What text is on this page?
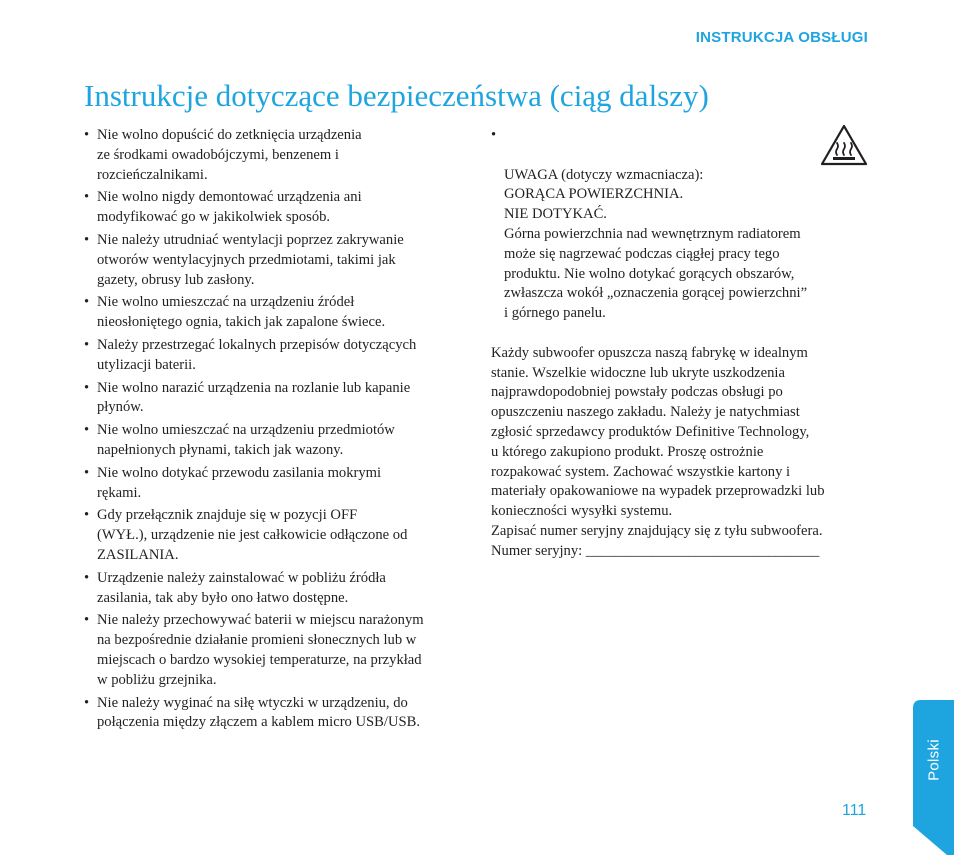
INSTRUKCJA OBSŁUGI
Instrukcje dotyczące bezpieczeństwa (ciąg dalszy)
• Nie wolno dopuścić do zetknięcia urządzenia
ze środkami owadobójczymi, benzenem i
rozcieńczalnikami.
• Nie wolno nigdy demontować urządzenia ani
modyfikować go w jakikolwiek sposób.
• Nie należy utrudniać wentylacji poprzez zakrywanie
otworów wentylacyjnych przedmiotami, takimi jak
gazety, obrusy lub zasłony.
• Nie wolno umieszczać na urządzeniu źródeł
nieosłoniętego ognia, takich jak zapalone świece.
• Należy przestrzegać lokalnych przepisów dotyczących
utylizacji baterii.
• Nie wolno narazić urządzenia na rozlanie lub kapanie
płynów.
• Nie wolno umieszczać na urządzeniu przedmiotów
napełnionych płynami, takich jak wazony.
• Nie wolno dotykać przewodu zasilania mokrymi
rękami.
• Gdy przełącznik znajduje się w pozycji OFF
(WYŁ.), urządzenie nie jest całkowicie odłączone od
ZASILANIA.
• Urządzenie należy zainstalować w pobliżu źródła
zasilania, tak aby było ono łatwo dostępne.
• Nie należy przechowywać baterii w miejscu narażonym
na bezpośrednie działanie promieni słonecznych lub w
miejscach o bardzo wysokiej temperaturze, na przykład
w pobliżu grzejnika.
• Nie należy wyginać na siłę wtyczki w urządzeniu, do
połączenia między złączem a kablem micro USB/USB.

•

UWAGA (dotyczy wzmacniacza):
GORĄCA POWIERZCHNIA.
NIE DOTYKAĆ.
Górna powierzchnia nad wewnętrznym radiatorem
może się nagrzewać podczas ciągłej pracy tego
produktu. Nie wolno dotykać gorących obszarów,
zwłaszcza wokół „oznaczenia gorącej powierzchni”
i górnego panelu.

Każdy subwoofer opuszcza naszą fabrykę w idealnym
stanie. Wszelkie widoczne lub ukryte uszkodzenia
najprawdopodobniej powstały podczas obsługi po
opuszczeniu naszego zakładu. Należy je natychmiast
zgłosić sprzedawcy produktów Definitive Technology,
u którego zakupiono produkt. Proszę ostrożnie
rozpakować system. Zachować wszystkie kartony i
materiały opakowaniowe na wypadek przeprowadzki lub
konieczności wysyłki systemu.

Zapisać numer seryjny znajdujący się z tyłu subwoofera.

Numer seryjny: ________________________________

111
Polski
